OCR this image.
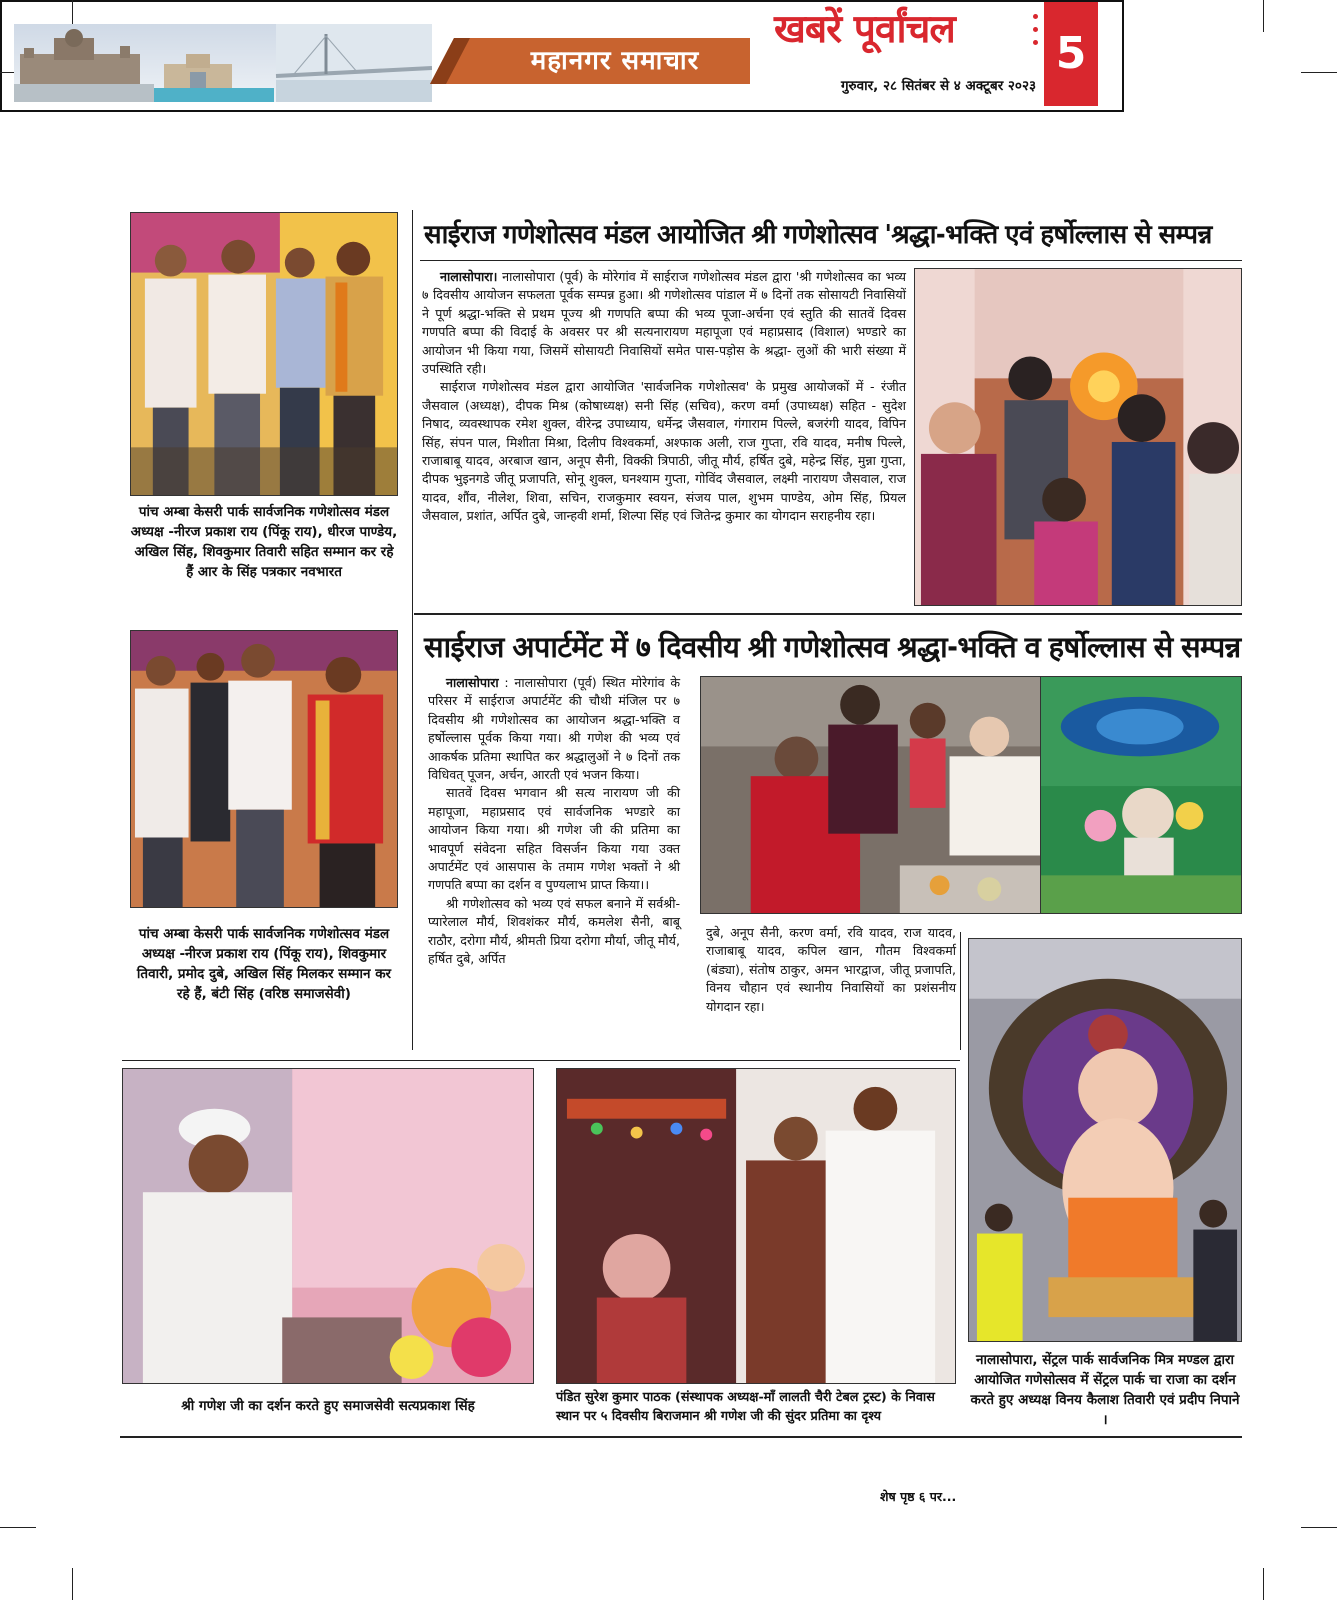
महानगर समाचार
खबरें पूर्वांचल	5
गुरुवार, २८ सितंबर से ४ अक्टूबर २०२३
पांच अम्बा केसरी पार्क सार्वजनिक गणेशोत्सव मंडल अध्यक्ष -नीरज प्रकाश राय (पिंकू राय), धीरज पाण्डेय, अखिल सिंह, शिवकुमार तिवारी सहित सम्मान कर रहे हैं आर के सिंह पत्रकार नवभारत
पांच अम्बा केसरी पार्क सार्वजनिक गणेशोत्सव मंडल अध्यक्ष -नीरज प्रकाश राय (पिंकू राय), शिवकुमार तिवारी, प्रमोद दुबे, अखिल सिंह मिलकर सम्मान कर रहे हैं, बंटी सिंह (वरिष्ठ समाजसेवी)
साईराज गणेशोत्सव मंडल आयोजित श्री गणेशोत्सव 'श्रद्धा-भक्ति एवं हर्षोल्लास से सम्पन्न

नालासोपारा। नालासोपारा (पूर्व) के मोरेगांव में साईराज गणेशोत्सव मंडल द्वारा 'श्री गणेशोत्सव का भव्य ७ दिवसीय आयोजन सफलता पूर्वक सम्पन्न हुआ। श्री गणेशोत्सव पांडाल में ७ दिनों तक सोसायटी निवासियों ने पूर्ण श्रद्धा-भक्ति से प्रथम पूज्य श्री गणपति बप्पा की भव्य पूजा-अर्चना एवं स्तुति की सातवें दिवस गणपति बप्पा की विदाई के अवसर पर श्री सत्यनारायण महापूजा एवं महाप्रसाद (विशाल) भण्डारे का आयोजन भी किया गया, जिसमें सोसायटी निवासियों समेत पास-पड़ोस के श्रद्धा- लुओं की भारी संख्या में उपस्थिति रही।

साईराज गणेशोत्सव मंडल द्वारा आयोजित 'सार्वजनिक गणेशोत्सव' के प्रमुख आयोजकों में - रंजीत जैसवाल (अध्यक्ष), दीपक मिश्र (कोषाध्यक्ष) सनी सिंह (सचिव), करण वर्मा (उपाध्यक्ष) सहित - सुदेश निषाद, व्यवस्थापक रमेश शुक्ल, वीरेन्द्र उपाध्याय, धर्मेन्द्र जैसवाल, गंगाराम पिल्ले, बजरंगी यादव, विपिन सिंह, संपन पाल, मिशीता मिश्रा, दिलीप विश्वकर्मा, अश्फाक अली, राज गुप्ता, रवि यादव, मनीष पिल्ले, राजाबाबू यादव, अरबाज खान, अनूप सैनी, विक्की त्रिपाठी, जीतू मौर्य, हर्षित दुबे, महेन्द्र सिंह, मुन्ना गुप्ता, दीपक भुइनगडे जीतू प्रजापति, सोनू शुक्ल, घनश्याम गुप्ता, गोविंद जैसवाल, लक्ष्मी नारायण जैसवाल, राज यादव, शौंव, नीलेश, शिवा, सचिन, राजकुमार स्वयन, संजय पाल, शुभम पाण्डेय, ओम सिंह, प्रियल जैसवाल, प्रशांत, अर्पित दुबे, जान्हवी शर्मा, शिल्पा सिंह एवं जितेन्द्र कुमार का योगदान सराहनीय रहा।

साईराज अपार्टमेंट में ७ दिवसीय श्री गणेशोत्सव श्रद्धा-भक्ति व हर्षोल्लास से सम्पन्न

नालासोपारा : नालासोपारा (पूर्व) स्थित मोरेगांव के परिसर में साईराज अपार्टमेंट की चौथी मंजिल पर ७ दिवसीय श्री गणेशोत्सव का आयोजन श्रद्धा-भक्ति व हर्षोल्लास पूर्वक किया गया। श्री गणेश की भव्य एवं आकर्षक प्रतिमा स्थापित कर श्रद्धालुओं ने ७ दिनों तक विधिवत् पूजन, अर्चन, आरती एवं भजन किया।

सातवें दिवस भगवान श्री सत्य नारायण जी की महापूजा, महाप्रसाद एवं सार्वजनिक भण्डारे का आयोजन किया गया। श्री गणेश जी की प्रतिमा का भावपूर्ण संवेदना सहित विसर्जन किया गया उक्त अपार्टमेंट एवं आसपास के तमाम गणेश भक्तों ने श्री गणपति बप्पा का दर्शन व पुण्यलाभ प्राप्त किया।।

श्री गणेशोत्सव को भव्य एवं सफल बनाने में सर्वश्री- प्यारेलाल मौर्य, शिवशंकर मौर्य, कमलेश सैनी, बाबू राठौर, दरोगा मौर्य, श्रीमती प्रिया दरोगा मौर्या, जीतू मौर्य, हर्षित दुबे, अर्पित

दुबे, अनूप सैनी, करण वर्मा, रवि यादव, राज यादव, राजाबाबू यादव, कपिल खान, गौतम विश्वकर्मा (बंड्या), संतोष ठाकुर, अमन भारद्वाज, जीतू प्रजापति, विनय चौहान एवं स्थानीय निवासियों का प्रशंसनीय योगदान रहा।

नालासोपारा, सेंट्रल पार्क सार्वजनिक मित्र मण्डल द्वारा आयोजित गणेसोत्सव में सेंट्रल पार्क चा राजा का दर्शन करते हुए अध्यक्ष विनय कैलाश तिवारी एवं प्रदीप निपाने ।
श्री गणेश जी का दर्शन करते हुए समाजसेवी सत्यप्रकाश सिंह
पंडित सुरेश कुमार पाठक (संस्थापक अध्यक्ष-माँ लालती चैरी टेबल ट्रस्ट) के निवास स्थान पर ५ दिवसीय बिराजमान श्री गणेश जी की सुंदर प्रतिमा का दृश्य
शेष पृष्ठ ६ पर...
